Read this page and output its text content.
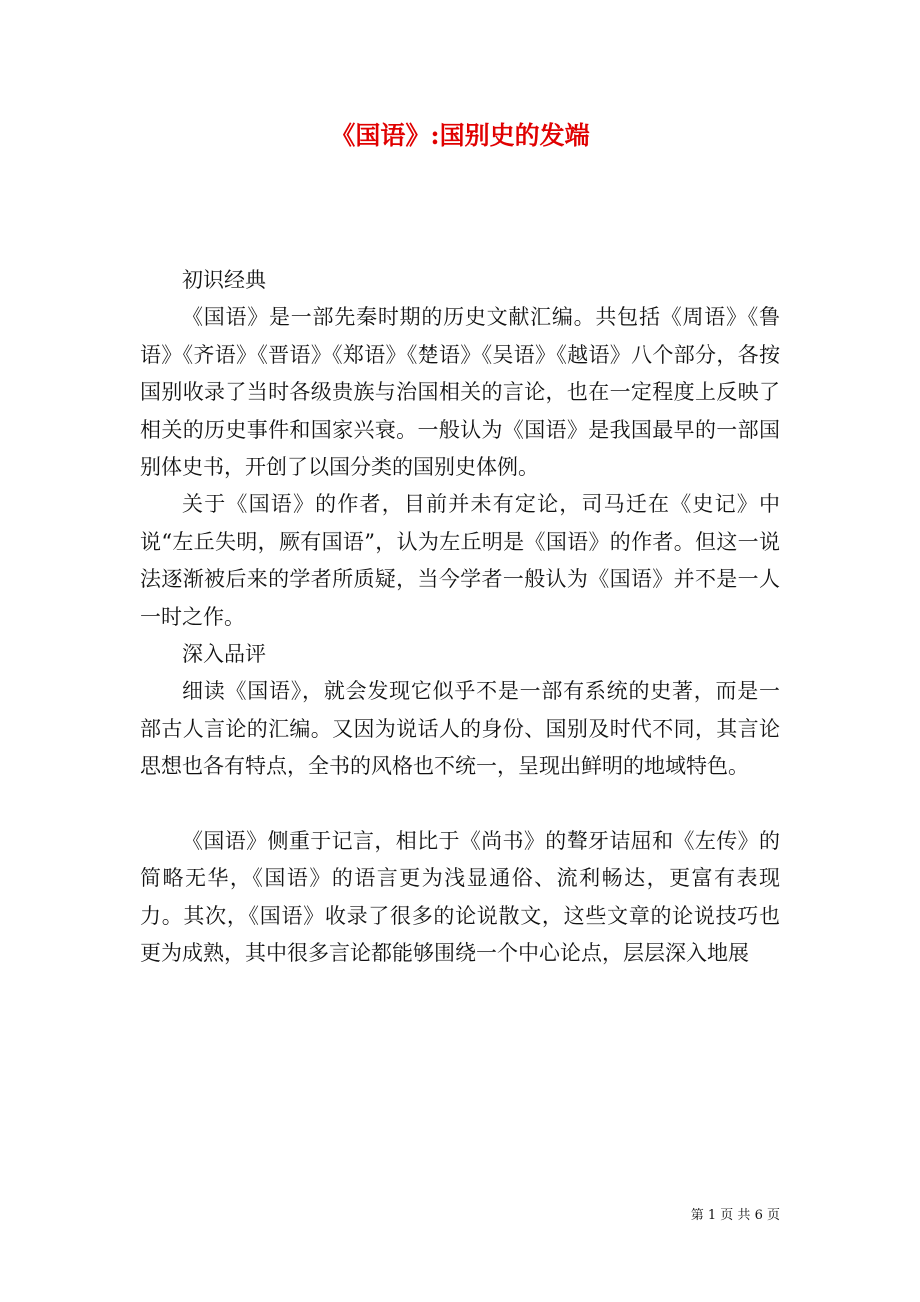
《国语》:国别史的发端

初识经典

《国语》是一部先秦时期的历史文献汇编。共包括《周语》《鲁语》《齐语》《晋语》《郑语》《楚语》《吴语》《越语》八个部分，各按国别收录了当时各级贵族与治国相关的言论，也在一定程度上反映了相关的历史事件和国家兴衰。一般认为《国语》是我国最早的一部国别体史书，开创了以国分类的国别史体例。

关于《国语》的作者，目前并未有定论，司马迁在《史记》中说“左丘失明，厥有国语”，认为左丘明是《国语》的作者。但这一说法逐渐被后来的学者所质疑，当今学者一般认为《国语》并不是一人一时之作。

深入品评

细读《国语》，就会发现它似乎不是一部有系统的史著，而是一部古人言论的汇编。又因为说话人的身份、国别及时代不同，其言论思想也各有特点，全书的风格也不统一，呈现出鲜明的地域特色。

《国语》侧重于记言，相比于《尚书》的聱牙诘屈和《左传》的简略无华，《国语》的语言更为浅显通俗、流利畅达，更富有表现力。其次，《国语》收录了很多的论说散文，这些文章的论说技巧也更为成熟，其中很多言论都能够围绕一个中心论点，层层深入地展

第 1 页 共 6 页
